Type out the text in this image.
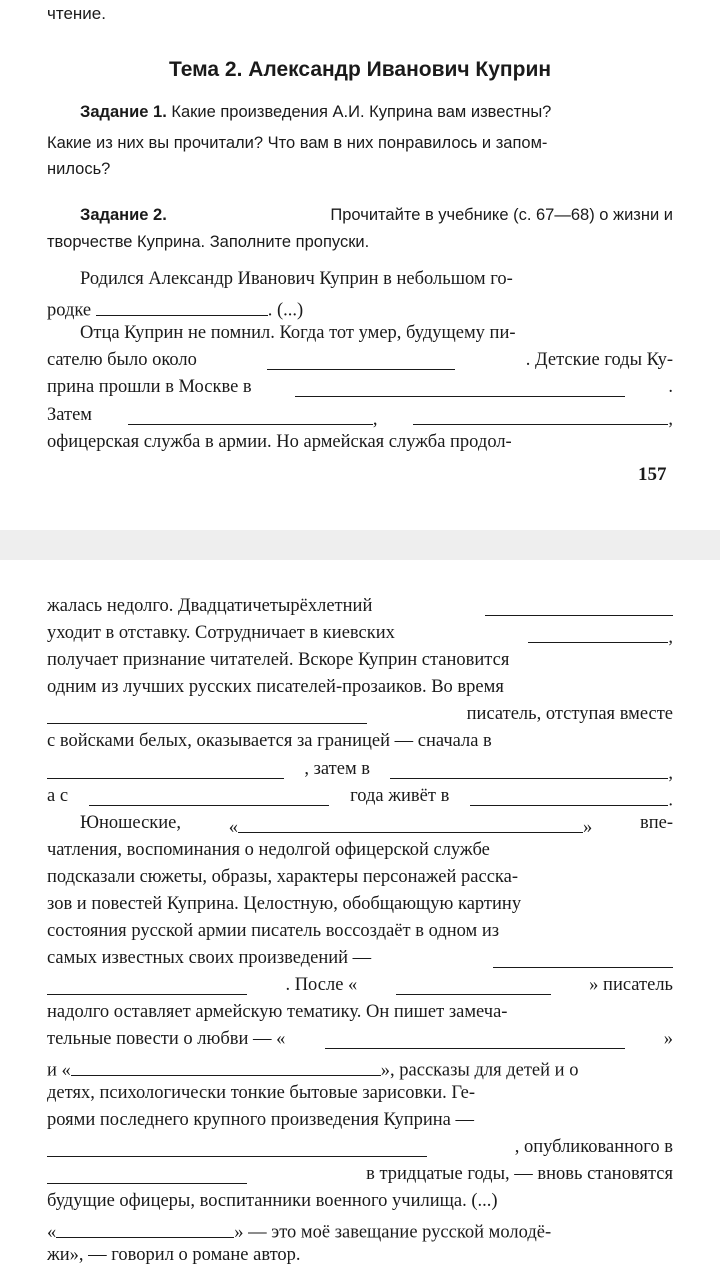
чтение.
Тема 2. Александр Иванович Куприн
Задание 1. Какие произведения А.И. Куприна вам известны?
Какие из них вы прочитали? Что вам в них понравилось и запом-
нилось?
Задание 2.	Прочитайте в учебнике (с. 67—68) о жизни и
творчестве Куприна. Заполните пропуски.
Родился Александр Иванович Куприн в небольшом го-
родке	. (...)
Отца Куприн не помнил. Когда тот умер, будущему пи-
сателю было около	. Детские годы Ку-
прина прошли в Москве в	.
Затем	,	,
офицерская служба в армии. Но армейская служба продол-
157
жалась недолго. Двадцатичетырёхлетний
уходит в отставку. Сотрудничает в киевских	,
получает признание читателей. Вскоре Куприн становится
одним из лучших русских писателей-прозаиков. Во время
писатель, отступая вместе
с войсками белых, оказывается за границей — сначала в
, затем в	,
а с	года живёт в	.
Юношеские,	«	»	впе-
чатления, воспоминания о недолгой офицерской службе
подсказали сюжеты, образы, характеры персонажей расска-
зов и повестей Куприна. Целостную, обобщающую картину
состояния русской армии писатель воссоздаёт в одном из
самых известных своих произведений —
. После «	» писатель
надолго оставляет армейскую тематику. Он пишет замеча-
тельные повести о любви — «	»
и «	», рассказы для детей и о
детях, психологически тонкие бытовые зарисовки. Ге-
роями последнего крупного произведения Куприна —
, опубликованного в
в тридцатые годы, — вновь становятся
будущие офицеры, воспитанники военного училища. (...)
«	» — это моё завещание русской молодё-
жи», — говорил о романе автор.
